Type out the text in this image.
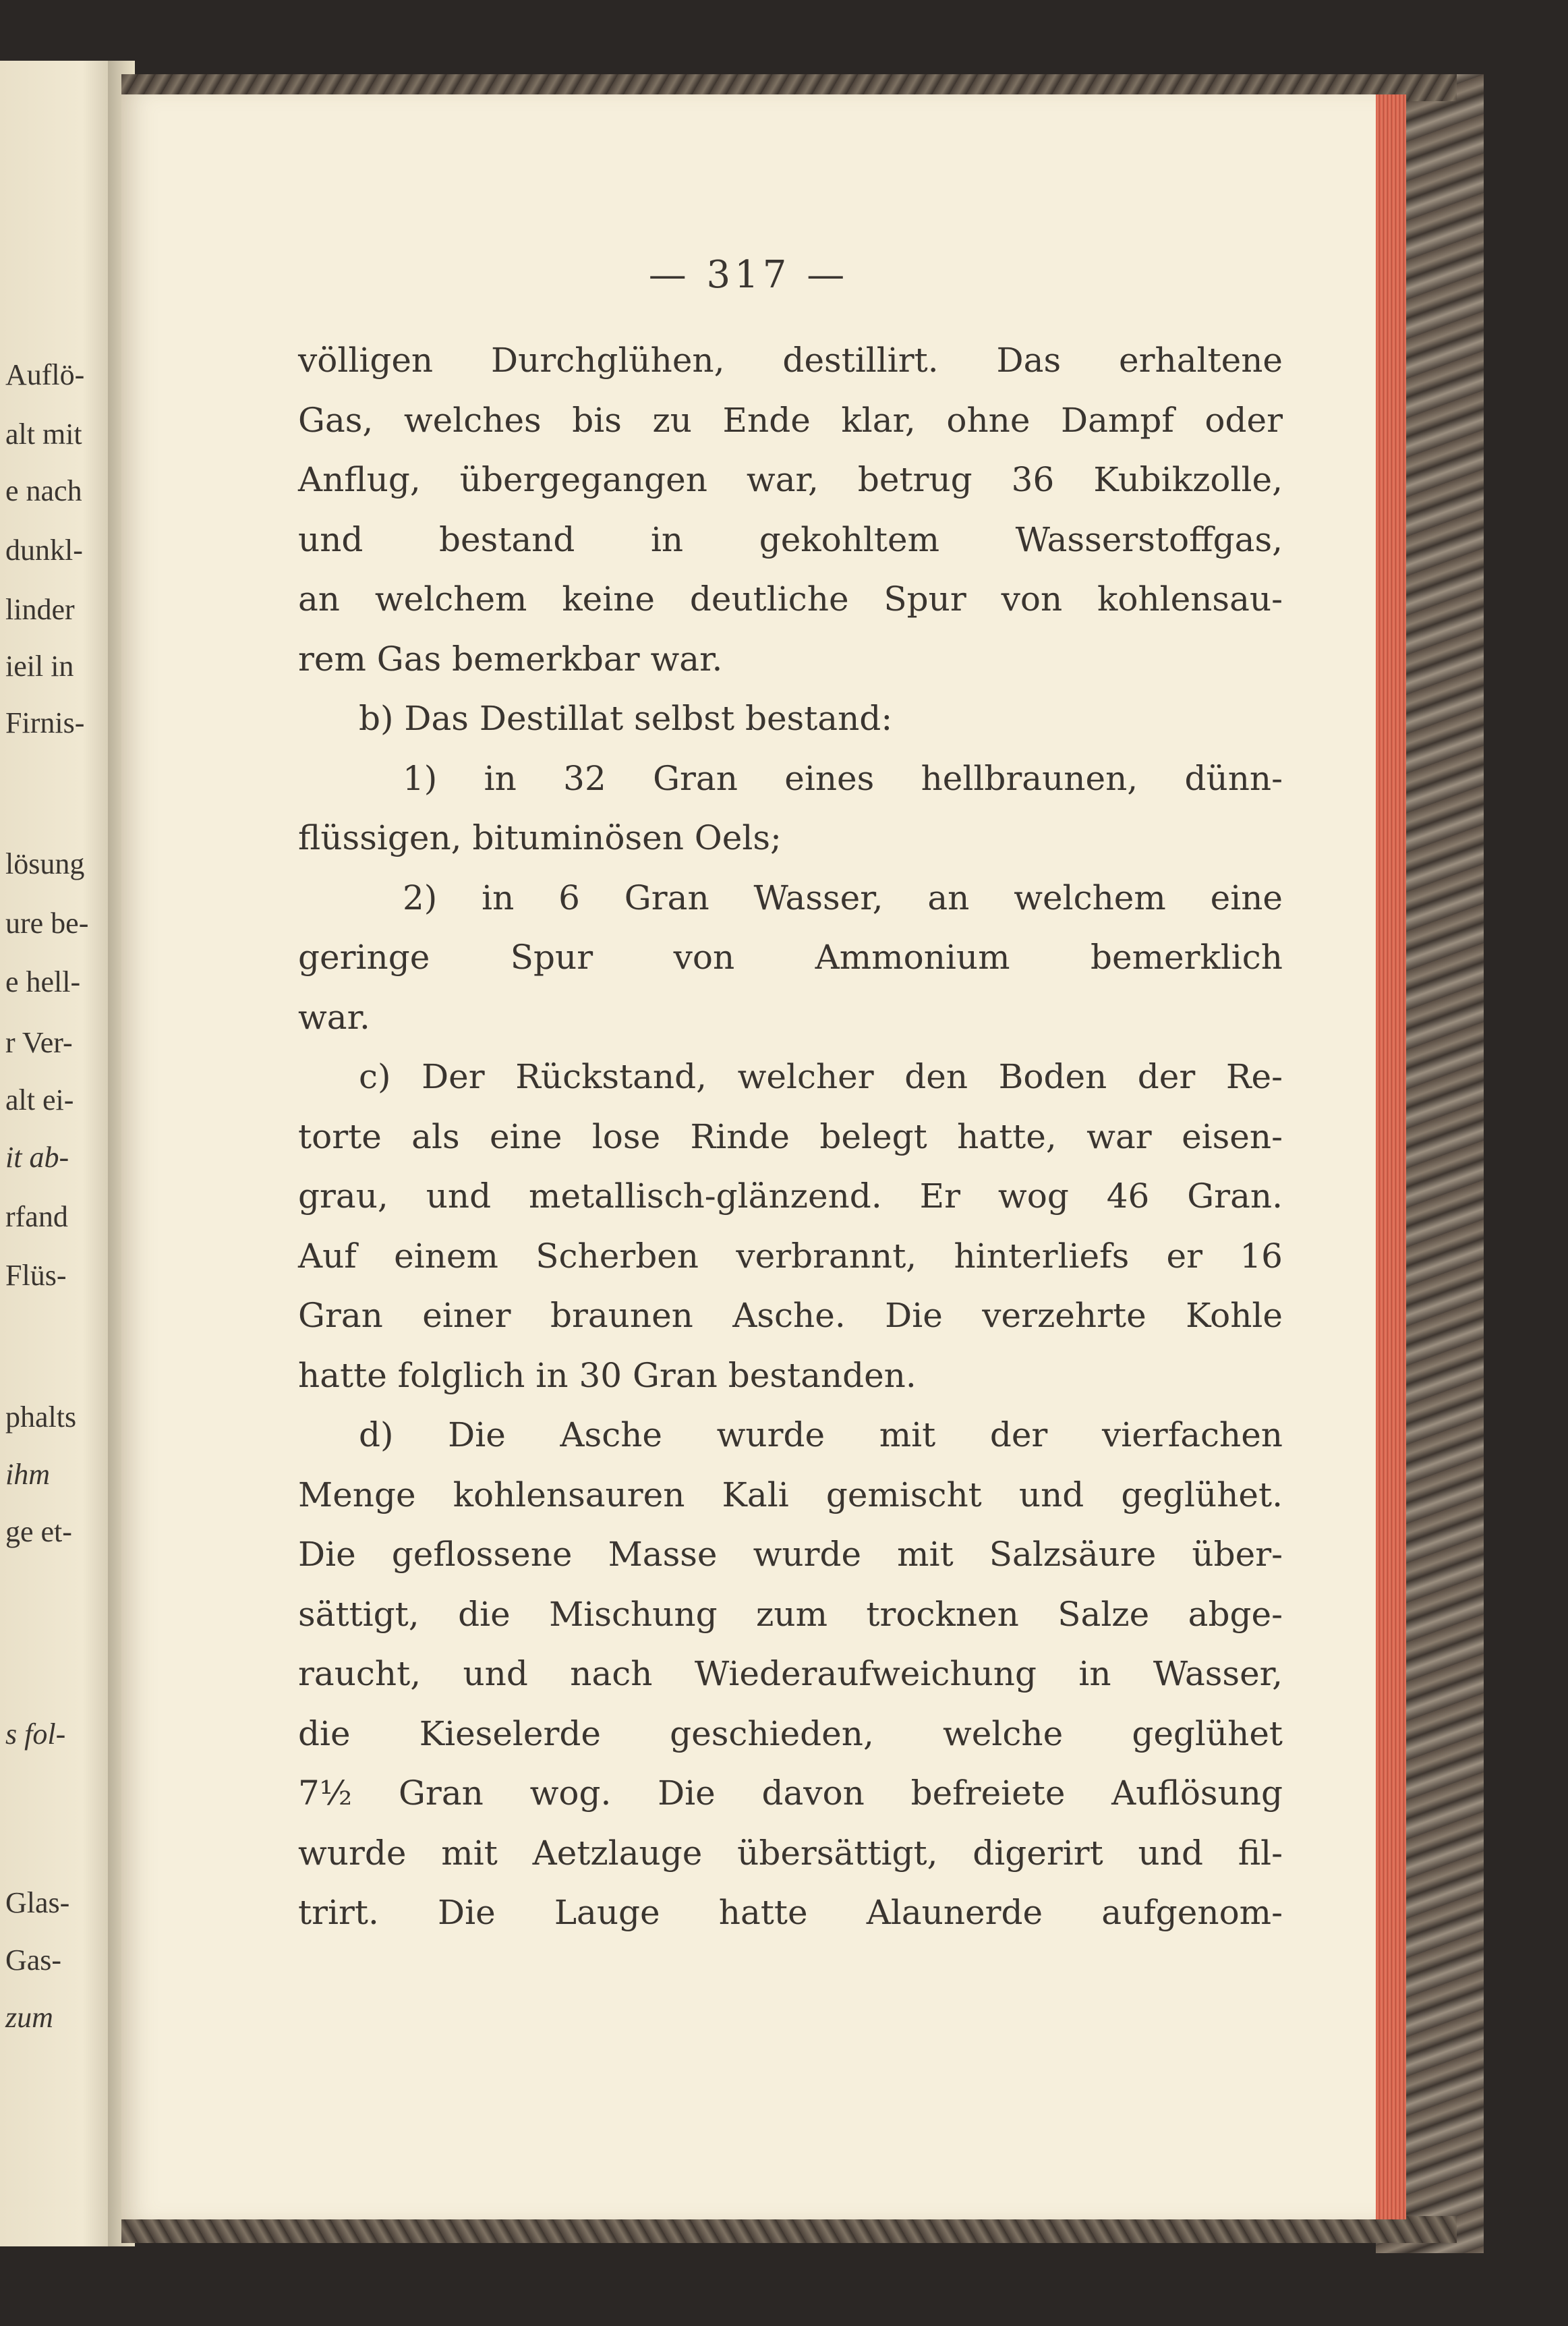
Auflö-
alt mit
e nach
dunkl-
linder
ieil in
Firnis-
lösung
ure be-
e hell-
r Ver-
alt ei-
it ab-
rfand
Flüs-
phalts
ihm
ge et-
s fol-
Glas-
Gas-
zum
— 317 —
völligen Durchglühen, destillirt. Das erhaltene
Gas, welches bis zu Ende klar, ohne Dampf oder
Anflug, übergegangen war, betrug 36 Kubikzolle,
und bestand in gekohltem Wasserstoffgas,
an welchem keine deutliche Spur von kohlensau-
rem Gas bemerkbar war.
b) Das Destillat selbst bestand:
1) in 32 Gran eines hellbraunen, dünn-
flüssigen, bituminösen Oels;
2) in 6 Gran Wasser, an welchem eine
geringe Spur von Ammonium bemerklich
war.
c) Der Rückstand, welcher den Boden der Re-
torte als eine lose Rinde belegt hatte, war eisen-
grau, und metallisch-glänzend. Er wog 46 Gran.
Auf einem Scherben verbrannt, hinterliefs er 16
Gran einer braunen Asche. Die verzehrte Kohle
hatte folglich in 30 Gran bestanden.
d) Die Asche wurde mit der vierfachen
Menge kohlensauren Kali gemischt und geglühet.
Die geflossene Masse wurde mit Salzsäure über-
sättigt, die Mischung zum trocknen Salze abge-
raucht, und nach Wiederaufweichung in Wasser,
die Kieselerde geschieden, welche geglühet
7½ Gran wog. Die davon befreiete Auflösung
wurde mit Aetzlauge übersättigt, digerirt und fil-
trirt. Die Lauge hatte Alaunerde aufgenom-
